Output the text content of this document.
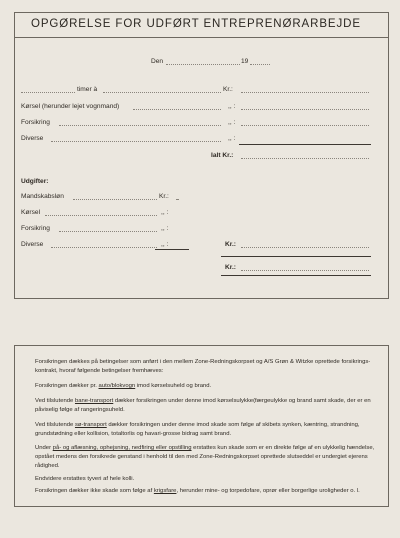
OPGØRELSE FOR UDFØRT ENTREPRENØRARBEJDE
Den	19
timer à	Kr.:
Kørsel (herunder lejet vognmand)	,, :
Forsikring	,, :
Diverse	,, :
Ialt Kr.:
Udgifter:
Mandskabsløn	Kr.:
Kørsel	,, :
Forsikring	,, :
Diverse	,, :	Kr.:
Kr.:
Forsikringen dækkes på betingelser som anført i den mellem Zone-Redningskorpset og A/S Grøn & Witzke oprettede forsikrings-kontrakt, hvoraf følgende betingelser fremhæves:
Forsikringen dækker pr. auto/blokvogn imod kørselsuheld og brand.
Ved tilslutende bane-transport dækker forsikringen under denne imod kørselsulykke(færgeulykke og brand samt skade, der er en påviselig følge af rangeringsuheld.
Ved tilslutende sø-transport dækker forsikringen under denne imod skade som følge af skibets synken, kæntring, strandning, grundstødning eller kollision, totaltorlis og havari-grosse bidrag samt brand.
Under på- og aflæsning, ophejsning, nedfiring eller opstilling erstattes kun skade som er en direkte følge af en ulykkelig hændelse, opstået medens den forsikrede genstand i henhold til den med Zone-Redningskorpset oprettede slutseddel er undergiet ejerens rådighed.
Endvidere erstattes tyveri af hele kolli.
Forsikringen dækker ikke skade som følge af krigsfare, herunder mine- og torpedofare, oprør eller borgerlige uroligheder o. l.
